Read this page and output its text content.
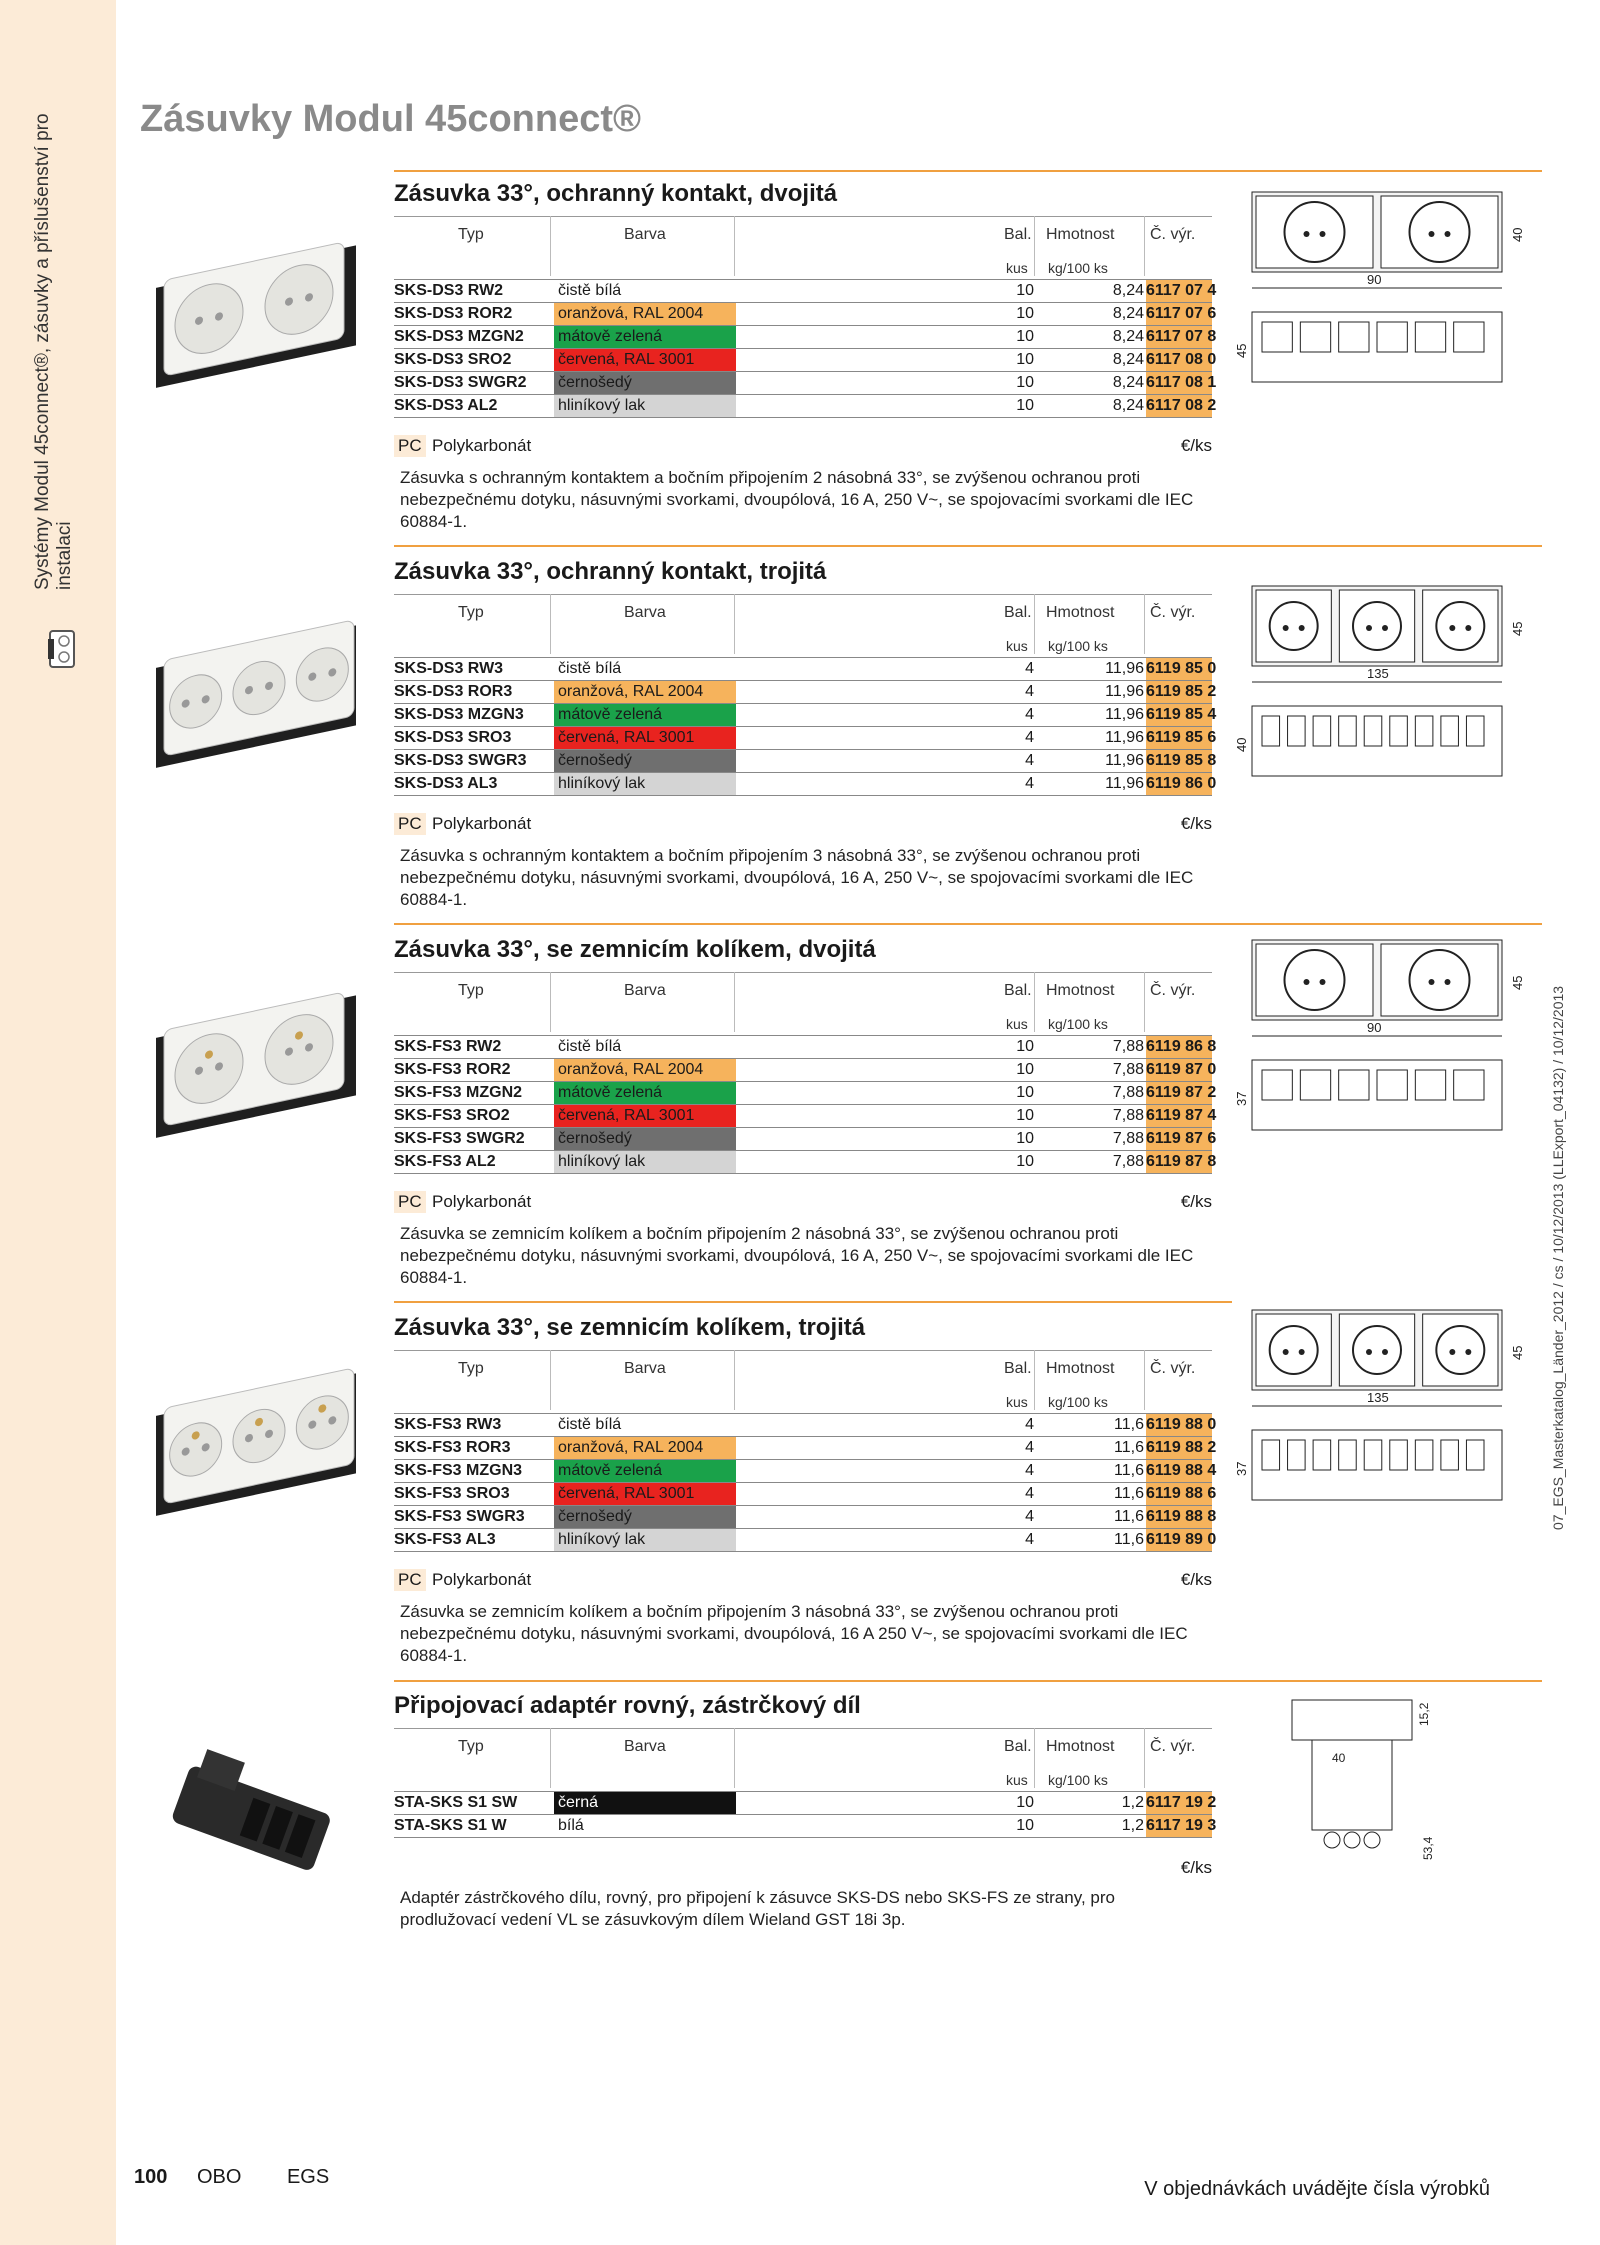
Systémy Modul 45connect®, zásuvky a příslušenství pro instalaci
07_EGS_Masterkatalog_Länder_2012 / cs / 10/12/2013 (LLExport_04132) / 10/12/2013
Zásuvky Modul 45connect®
Zásuvka 33°, ochranný kontakt, dvojitá
Typ	Barva	Bal. Hmotnost Č. výr.
kus kg/100 ks
SKS-DS3 RW2	čistě bílá	10	8,24 6117 07 4
SKS-DS3 ROR2	oranžová, RAL 2004	10	8,24 6117 07 6
SKS-DS3 MZGN2 mátově zelená	10	8,24 6117 07 8
SKS-DS3 SRO2	červená, RAL 3001	10	8,24 6117 08 0
SKS-DS3 SWGR2 černošedý	10	8,24 6117 08 1
SKS-DS3 AL2	hliníkový lak	10	8,24 6117 08 2
PC Polykarbonát	€/ks
Zásuvka s ochranným kontaktem a bočním připojením 2 násobná 33°, se zvýšenou ochranou proti nebezpečnému dotyku, násuvnými svorkami, dvoupólová, 16 A, 250 V~, se spojovacími svorkami dle IEC 60884-1.
90
40
45
Zásuvka 33°, ochranný kontakt, trojitá
Typ	Barva	Bal. Hmotnost Č. výr.
kus kg/100 ks
SKS-DS3 RW3	čistě bílá	4	11,96 6119 85 0
SKS-DS3 ROR3	oranžová, RAL 2004	4	11,96 6119 85 2
SKS-DS3 MZGN3 mátově zelená	4	11,96 6119 85 4
SKS-DS3 SRO3	červená, RAL 3001	4	11,96 6119 85 6
SKS-DS3 SWGR3 černošedý	4	11,96 6119 85 8
SKS-DS3 AL3	hliníkový lak	4	11,96 6119 86 0
PC Polykarbonát	€/ks
Zásuvka s ochranným kontaktem a bočním připojením 3 násobná 33°, se zvýšenou ochranou proti nebezpečnému dotyku, násuvnými svorkami, dvoupólová, 16 A, 250 V~, se spojovacími svorkami dle IEC 60884-1.
135
45
40
Zásuvka 33°, se zemnicím kolíkem, dvojitá
Typ	Barva	Bal. Hmotnost Č. výr.
kus kg/100 ks
SKS-FS3 RW2	čistě bílá	10	7,88 6119 86 8
SKS-FS3 ROR2	oranžová, RAL 2004	10	7,88 6119 87 0
SKS-FS3 MZGN2 mátově zelená	10	7,88 6119 87 2
SKS-FS3 SRO2	červená, RAL 3001	10	7,88 6119 87 4
SKS-FS3 SWGR2 černošedý	10	7,88 6119 87 6
SKS-FS3 AL2	hliníkový lak	10	7,88 6119 87 8
PC Polykarbonát	€/ks
Zásuvka se zemnicím kolíkem a bočním připojením 2 násobná 33°, se zvýšenou ochranou proti nebezpečnému dotyku, násuvnými svorkami, dvoupólová, 16 A, 250 V~, se spojovacími svorkami dle IEC 60884-1.
90
45
37
Zásuvka 33°, se zemnicím kolíkem, trojitá
Typ	Barva	Bal. Hmotnost Č. výr.
kus kg/100 ks
SKS-FS3 RW3	čistě bílá	4	11,6 6119 88 0
SKS-FS3 ROR3	oranžová, RAL 2004	4	11,6 6119 88 2
SKS-FS3 MZGN3 mátově zelená	4	11,6 6119 88 4
SKS-FS3 SRO3	červená, RAL 3001	4	11,6 6119 88 6
SKS-FS3 SWGR3 černošedý	4	11,6 6119 88 8
SKS-FS3 AL3	hliníkový lak	4	11,6 6119 89 0
PC Polykarbonát	€/ks
Zásuvka se zemnicím kolíkem a bočním připojením 3 násobná 33°, se zvýšenou ochranou proti nebezpečnému dotyku, násuvnými svorkami, dvoupólová, 16 A 250 V~, se spojovacími svorkami dle IEC 60884-1.
135
45
37
Připojovací adaptér rovný, zástrčkový díl
Typ	Barva	Bal. Hmotnost Č. výr.
kus kg/100 ks
STA-SKS S1 SW	černá	10	1,2 6117 19 2
STA-SKS S1 W	bílá	10	1,2 6117 19 3
€/ks
Adaptér zástrčkového dílu, rovný, pro připojení k zásuvce SKS-DS nebo SKS-FS ze strany, pro prodlužovací vedení VL se zásuvkovým dílem Wieland GST 18i 3p.
40
15,2
53,4
100 OBO EGS
V objednávkách uvádějte čísla výrobků
